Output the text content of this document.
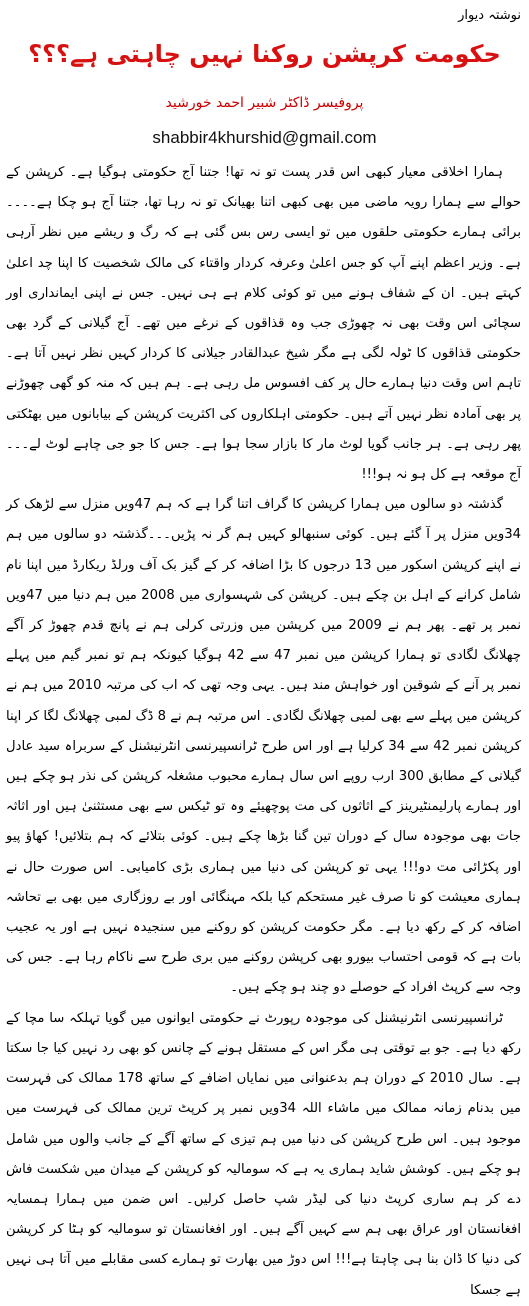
نوشتہ دیوار
حکومت کرپشن روکنا نہیں چاہتی ہے؟؟؟
پروفیسر ڈاکٹر شبیر احمد خورشید
shabbir4khurshid@gmail.com

ہمارا اخلاقی معیار کبھی اس قدر پست تو نہ تھا! جتنا آج حکومتی ہوگیا ہے۔ کرپشن کے حوالے سے ہمارا رویہ ماضی میں بھی کبھی اتنا بھیانک تو نہ رہا تھا، جتنا آج ہو چکا ہے۔۔۔۔برائی ہمارے حکومتی حلقوں میں تو ایسی رس بس گئی ہے کہ رگ و ریشے میں نظر آرہی ہے۔ وزیر اعظم اپنے آپ کو جس اعلیٰ وعرفہ کردار واقتاء کی مالک شخصیت کا اپنا چد اعلیٰ کہتے ہیں۔ ان کے شفاف ہونے میں تو کوئی کلام ہے ہی نہیں۔ جس نے اپنی ایمانداری اور سچائی اس وقت بھی نہ چھوڑی جب وہ قذاقوں کے نرغے میں تھے۔ آج گیلانی کے گرد بھی حکومتی قذاقوں کا ٹولہ لگی ہے مگر شیخ عبدالقادر جیلانی کا کردار کہیں نظر نہیں آتا ہے۔ تاہم اس وقت دنیا ہمارے حال پر کف افسوس مل رہی ہے۔ ہم ہیں کہ منہ کو گھی چھوڑنے پر بھی آمادہ نظر نہیں آتے ہیں۔ حکومتی اہلکاروں کی اکثریت کرپشن کے بیابانوں میں بھٹکتی پھر رہی ہے۔ ہر جانب گویا لوٹ مار کا بازار سجا ہوا ہے۔ جس کا جو جی چاہے لوٹ لے۔۔۔ آج موقعہ ہے کل ہو نہ ہو!!!

گذشتہ دو سالوں میں ہمارا کرپشن کا گراف اتنا گرا ہے کہ ہم 47ویں منزل سے لڑھک کر 34ویں منزل پر آ گئے ہیں۔ کوئی سنبھالو کہیں ہم گر نہ پڑیں۔۔۔گذشتہ دو سالوں میں ہم نے اپنے کرپشن اسکور میں 13 درجوں کا بڑا اضافہ کر کے گیز بک آف ورلڈ ریکارڈ میں اپنا نام شامل کرانے کے اہل بن چکے ہیں۔ کرپشن کی شہسواری میں 2008 میں ہم دنیا میں 47ویں نمبر پر تھے۔ پھر ہم نے 2009 میں کرپشن میں وزرتی کرلی ہم نے پانچ قدم چھوڑ کر آگے چھلانگ لگادی تو ہمارا کرپشن میں نمبر 47 سے 42 ہوگیا کیونکہ ہم تو نمبر گیم میں پہلے نمبر پر آنے کے شوقین اور خواہش مند ہیں۔ یہی وجہ تھی کہ اب کی مرتبہ 2010 میں ہم نے کرپشن میں پہلے سے بھی لمبی چھلانگ لگادی۔ اس مرتبہ ہم نے 8 ڈگ لمبی چھلانگ لگا کر اپنا کرپشن نمبر 42 سے 34 کرلیا ہے اور اس طرح ٹرانسپیرنسی انٹرنیشنل کے سربراہ سید عادل گیلانی کے مطابق 300 ارب روپے اس سال ہمارے محبوب مشغلہ کرپشن کی نذر ہو چکے ہیں اور ہمارے پارلیمنٹیرینز کے اثاثوں کی مت پوچھیئے وہ تو ٹیکس سے بھی مستثنیٰ ہیں اور اثاثہ جات بھی موجودہ سال کے دوران تین گنا بڑھا چکے ہیں۔ کوئی بتلائے کہ ہم بتلائیں! کھاؤ پیو اور پکڑائی مت دو!!! یہی تو کرپشن کی دنیا میں ہماری بڑی کامیابی۔ اس صورت حال نے ہماری معیشت کو نا صرف غیر مستحکم کیا بلکہ مہنگائی اور بے روزگاری میں بھی بے تحاشہ اضافہ کر کے رکھ دیا ہے۔ مگر حکومت کرپشن کو روکنے میں سنجیدہ نہیں ہے اور یہ عجیب بات ہے کہ قومی احتساب بیورو بھی کرپشن روکنے میں بری طرح سے ناکام رہا ہے۔ جس کی وجہ سے کرپٹ افراد کے حوصلے دو چند ہو چکے ہیں۔

ٹرانسپیرنسی انٹرنیشنل کی موجودہ رپورٹ نے حکومتی ایوانوں میں گویا تہلکہ سا مچا کے رکھ دیا ہے۔ جو بے توقتی ہی مگر اس کے مستقل ہونے کے چانس کو بھی رد نہیں کیا جا سکتا ہے۔ سال 2010 کے دوران ہم بدعنوانی میں نمایاں اضافے کے ساتھ 178 ممالک کی فہرست میں بدنام زمانہ ممالک میں ماشاء اللہ 34ویں نمبر پر کرپٹ ترین ممالک کی فہرست میں موجود ہیں۔ اس طرح کرپشن کی دنیا میں ہم تیزی کے ساتھ آگے کے جانب والوں میں شامل ہو چکے ہیں۔ کوشش شاید ہماری یہ ہے کہ سومالیہ کو کرپشن کے میدان میں شکست فاش دے کر ہم ساری کرپٹ دنیا کی لیڈر شپ حاصل کرلیں۔ اس ضمن میں ہمارا ہمسایہ افغانستان اور عراق بھی ہم سے کہیں آگے ہیں۔ اور افغانستان تو سومالیہ کو ہٹا کر کرپشن کی دنیا کا ڈان بنا ہی چاہتا ہے!!! اس دوڑ میں بھارت تو ہمارے کسی مقابلے میں آتا ہی نہیں ہے جسکا
